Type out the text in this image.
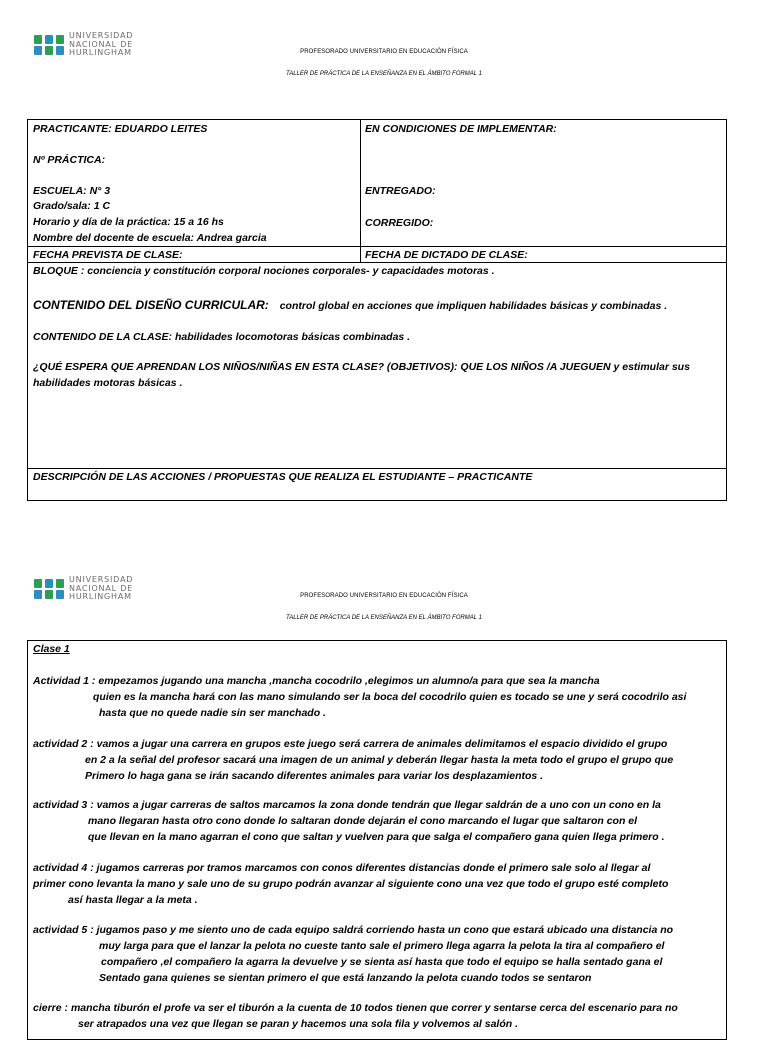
UNIVERSIDAD
NACIONAL DE
HURLINGHAM	PROFESORADO UNIVERSITARIO EN EDUCACIÓN FÍSICA
TALLER DE PRÁCTICA DE LA ENSEÑANZA EN EL ÁMBITO FORMAL 1
PRACTICANTE: EDUARDO LEITES
Nº PRÁCTICA:
ESCUELA: N° 3
Grado/sala: 1 C
Horario y día de la práctica: 15 a 16 hs
Nombre del docente de escuela: Andrea garcia
EN CONDICIONES DE IMPLEMENTAR:
ENTREGADO:
CORREGIDO:
FECHA PREVISTA DE CLASE:	FECHA DE DICTADO DE CLASE:
BLOQUE : conciencia y constitución corporal nociones corporales- y capacidades motoras .
CONTENIDO DEL DISEÑO CURRICULAR: control global en acciones que impliquen habilidades básicas y combinadas .
CONTENIDO DE LA CLASE: habilidades locomotoras básicas combinadas .
¿QUÉ ESPERA QUE APRENDAN LOS NIÑOS/NIÑAS EN ESTA CLASE? (OBJETIVOS): QUE LOS NIÑOS /A JUEGUEN y estimular sus
habilidades motoras básicas .
DESCRIPCIÓN DE LAS ACCIONES / PROPUESTAS QUE REALIZA EL ESTUDIANTE – PRACTICANTE
UNIVERSIDAD
NACIONAL DE
HURLINGHAM	PROFESORADO UNIVERSITARIO EN EDUCACIÓN FÍSICA
TALLER DE PRÁCTICA DE LA ENSEÑANZA EN EL ÁMBITO FORMAL 1
Clase 1
Actividad 1 : empezamos jugando una mancha ,mancha cocodrilo ,elegimos un alumno/a para que sea la mancha
quien es la mancha hará con las mano simulando ser la boca del cocodrilo quien es tocado se une y será cocodrilo asi
hasta que no quede nadie sin ser manchado .
actividad 2 : vamos a jugar una carrera en grupos este juego será carrera de animales delimitamos el espacio dividido el grupo
en 2 a la señal del profesor sacará una imagen de un animal y deberán llegar hasta la meta todo el grupo el grupo que
Primero lo haga gana se irán sacando diferentes animales para variar los desplazamientos .
actividad 3 : vamos a jugar carreras de saltos marcamos la zona donde tendrán que llegar saldrán de a uno con un cono en la
mano llegaran hasta otro cono donde lo saltaran donde dejarán el cono marcando el lugar que saltaron con el
que llevan en la mano agarran el cono que saltan y vuelven para que salga el compañero gana quien llega primero .
actividad 4 : jugamos carreras por tramos marcamos con conos diferentes distancias donde el primero sale solo al llegar al
primer cono levanta la mano y sale uno de su grupo podrán avanzar al siguiente cono una vez que todo el grupo esté completo
así hasta llegar a la meta .
actividad 5 : jugamos paso y me siento uno de cada equipo saldrá corriendo hasta un cono que estará ubicado una distancia no
muy larga para que el lanzar la pelota no cueste tanto sale el primero llega agarra la pelota la tira al compañero el
compañero ,el compañero la agarra la devuelve y se sienta así hasta que todo el equipo se halla sentado gana el
Sentado gana quienes se sientan primero el que está lanzando la pelota cuando todos se sentaron
cierre : mancha tiburón el profe va ser el tiburón a la cuenta de 10 todos tienen que correr y sentarse cerca del escenario para no
ser atrapados una vez que llegan se paran y hacemos una sola fila y volvemos al salón .
